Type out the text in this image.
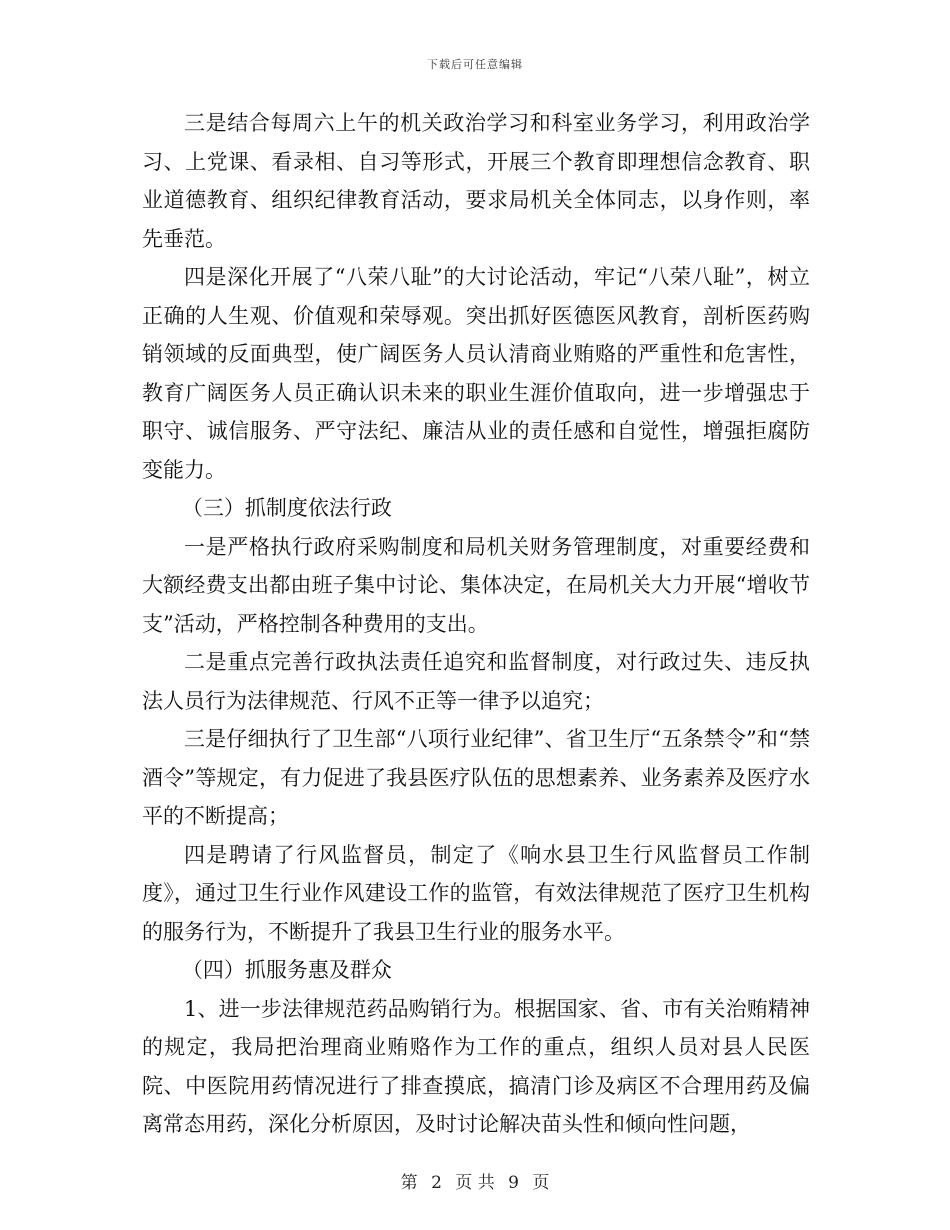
下载后可任意编辑

三是结合每周六上午的机关政治学习和科室业务学习，利用政治学习、上党课、看录相、自习等形式，开展三个教育即理想信念教育、职业道德教育、组织纪律教育活动，要求局机关全体同志，以身作则，率先垂范。

四是深化开展了“八荣八耻”的大讨论活动，牢记“八荣八耻”，树立正确的人生观、价值观和荣辱观。突出抓好医德医风教育，剖析医药购销领域的反面典型，使广阔医务人员认清商业贿赂的严重性和危害性，教育广阔医务人员正确认识未来的职业生涯价值取向，进一步增强忠于职守、诚信服务、严守法纪、廉洁从业的责任感和自觉性，增强拒腐防变能力。

（三）抓制度依法行政

一是严格执行政府采购制度和局机关财务管理制度，对重要经费和大额经费支出都由班子集中讨论、集体决定，在局机关大力开展“增收节支”活动，严格控制各种费用的支出。

二是重点完善行政执法责任追究和监督制度，对行政过失、违反执法人员行为法律规范、行风不正等一律予以追究；

三是仔细执行了卫生部“八项行业纪律”、省卫生厅“五条禁令”和“禁酒令”等规定，有力促进了我县医疗队伍的思想素养、业务素养及医疗水平的不断提高；

四是聘请了行风监督员，制定了《响水县卫生行风监督员工作制度》，通过卫生行业作风建设工作的监管，有效法律规范了医疗卫生机构的服务行为，不断提升了我县卫生行业的服务水平。

（四）抓服务惠及群众

1、进一步法律规范药品购销行为。根据国家、省、市有关治贿精神的规定，我局把治理商业贿赂作为工作的重点，组织人员对县人民医院、中医院用药情况进行了排查摸底，搞清门诊及病区不合理用药及偏离常态用药，深化分析原因，及时讨论解决苗头性和倾向性问题，

第 2 页 共 9 页
